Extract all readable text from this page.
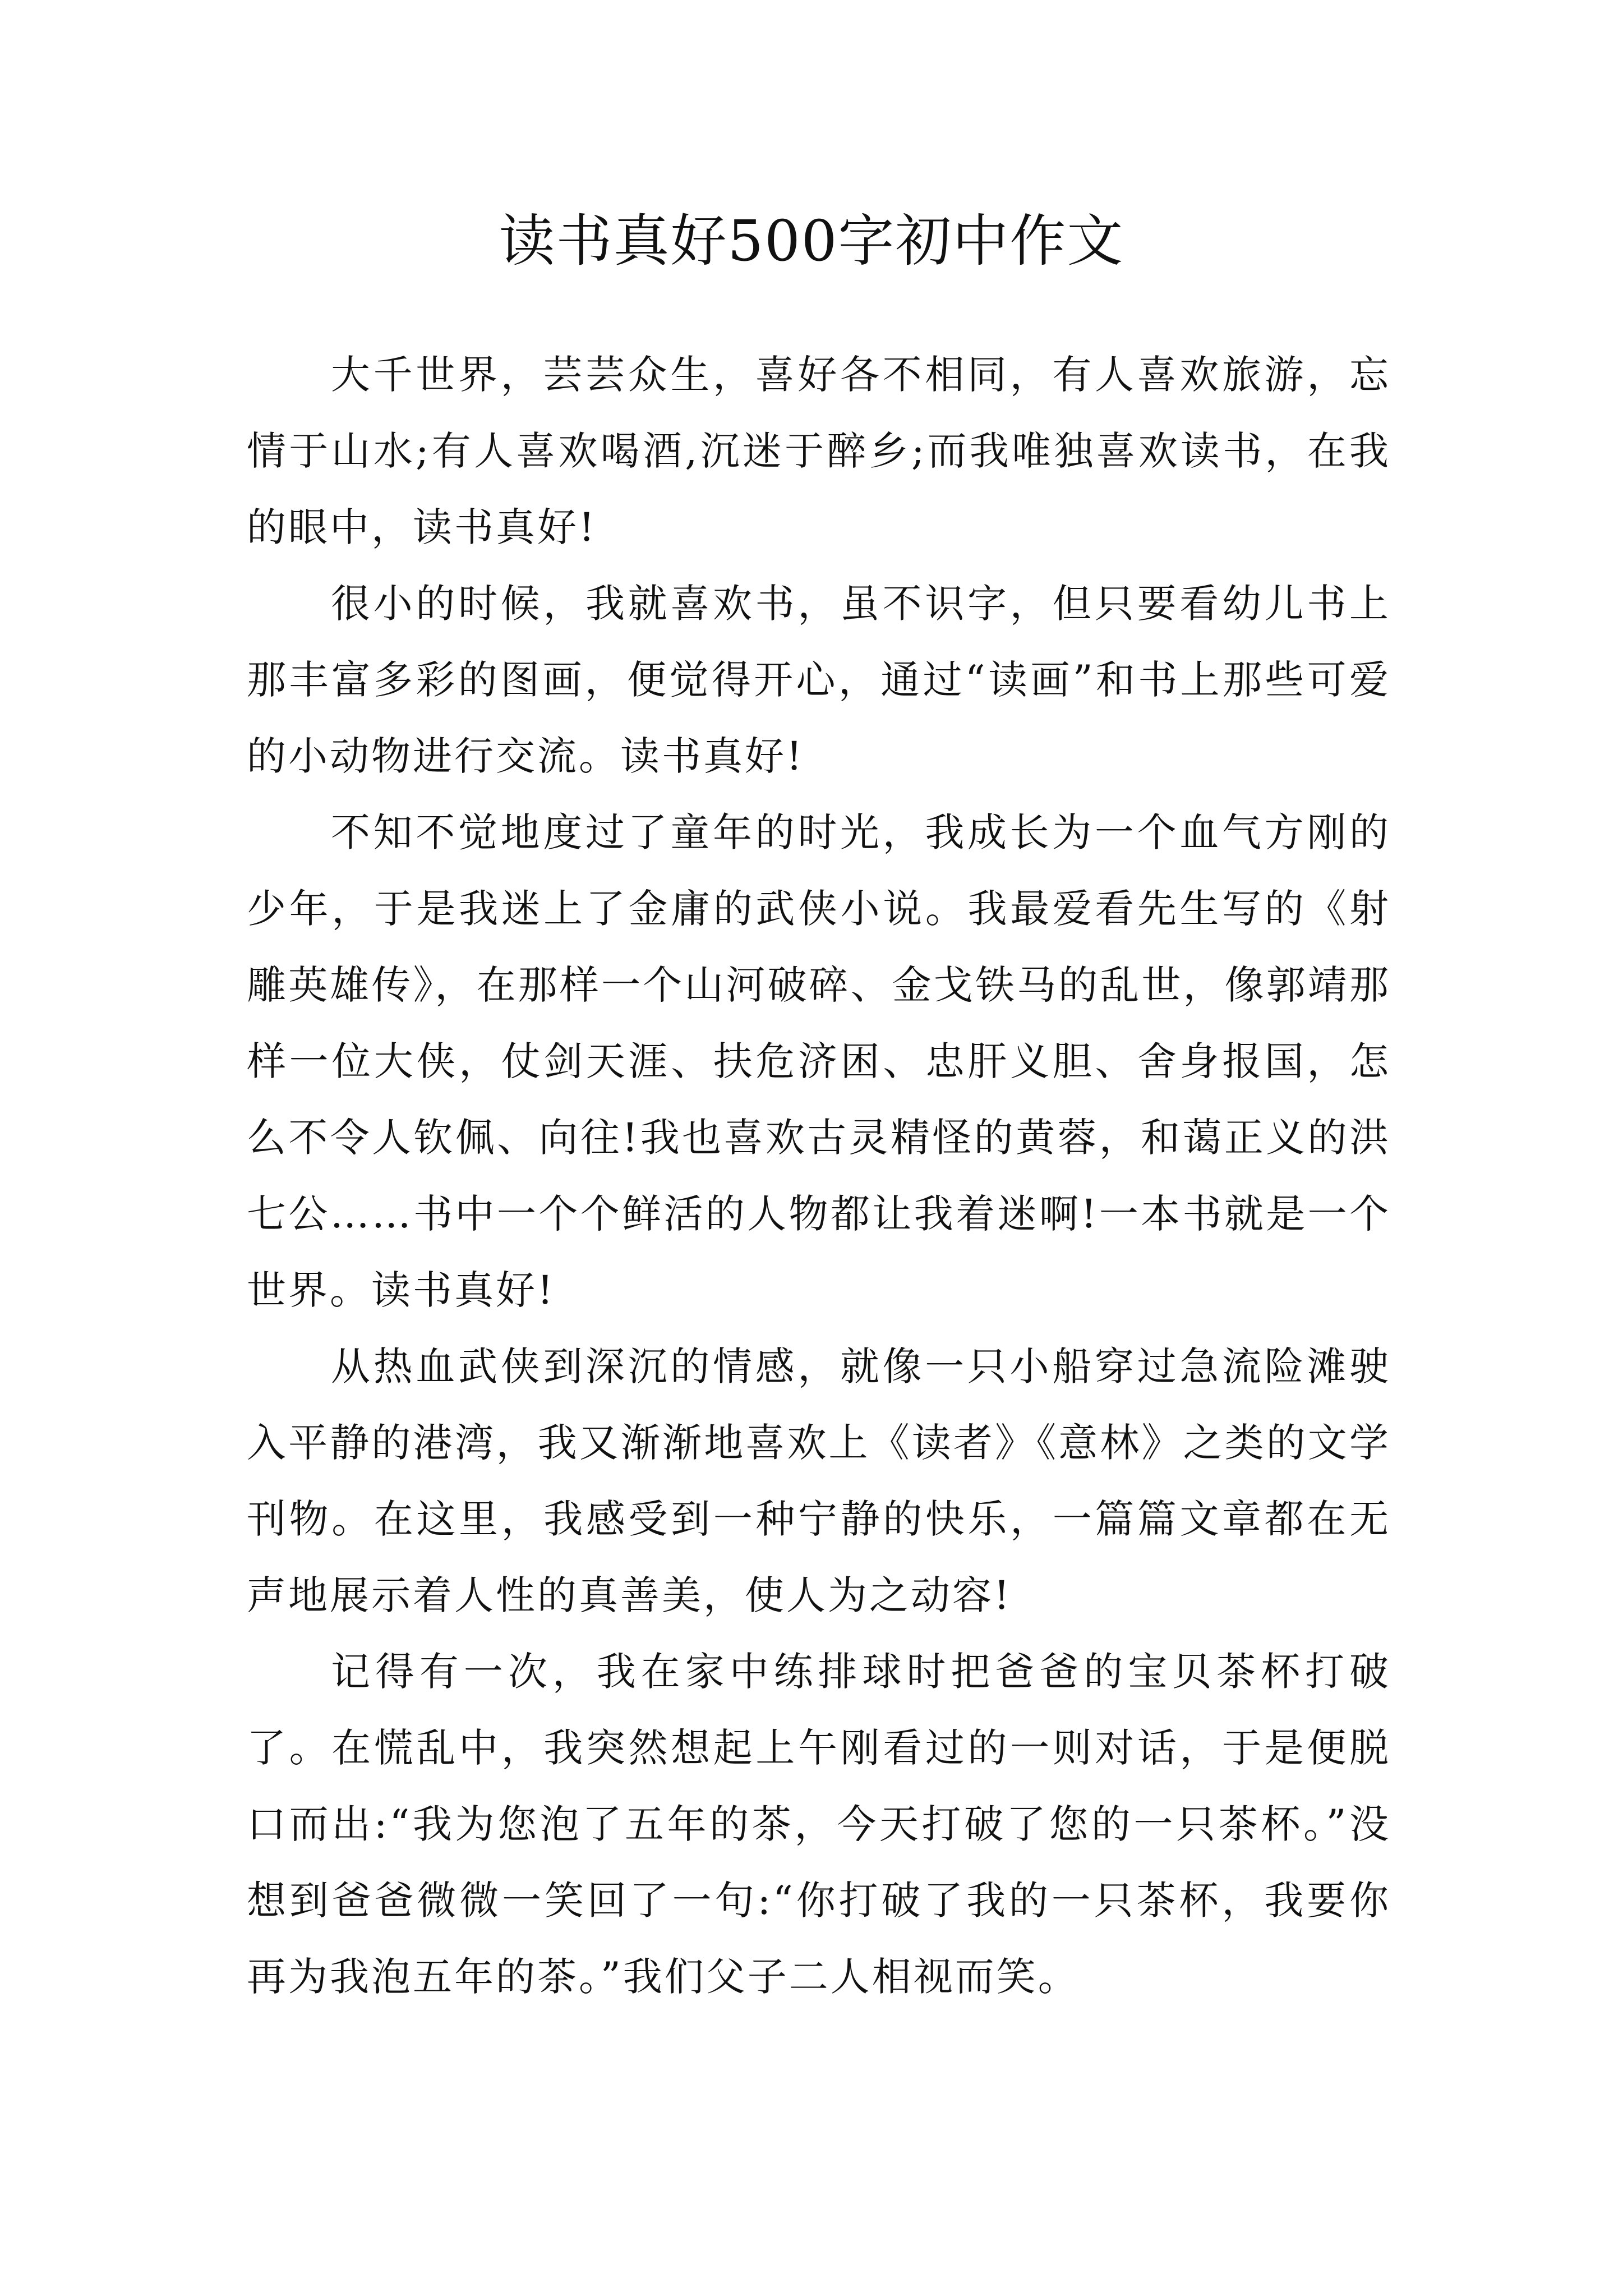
读书真好500字初中作文

大千世界，芸芸众生，喜好各不相同，有人喜欢旅游，忘情于山水;有人喜欢喝酒,沉迷于醉乡;而我唯独喜欢读书，在我的眼中，读书真好!

很小的时候，我就喜欢书，虽不识字，但只要看幼儿书上那丰富多彩的图画，便觉得开心，通过“读画”和书上那些可爱的小动物进行交流。读书真好!

不知不觉地度过了童年的时光，我成长为一个血气方刚的少年，于是我迷上了金庸的武侠小说。我最爱看先生写的《射雕英雄传》，在那样一个山河破碎、金戈铁马的乱世，像郭靖那样一位大侠，仗剑天涯、扶危济困、忠肝义胆、舍身报国，怎么不令人钦佩、向往!我也喜欢古灵精怪的黄蓉，和蔼正义的洪七公……书中一个个鲜活的人物都让我着迷啊!一本书就是一个世界。读书真好!

从热血武侠到深沉的情感，就像一只小船穿过急流险滩驶入平静的港湾，我又渐渐地喜欢上《读者》《意林》之类的文学刊物。在这里，我感受到一种宁静的快乐，一篇篇文章都在无声地展示着人性的真善美，使人为之动容!

记得有一次，我在家中练排球时把爸爸的宝贝茶杯打破了。在慌乱中，我突然想起上午刚看过的一则对话，于是便脱口而出:“我为您泡了五年的茶，今天打破了您的一只茶杯。”没想到爸爸微微一笑回了一句:“你打破了我的一只茶杯，我要你再为我泡五年的茶。”我们父子二人相视而笑。
